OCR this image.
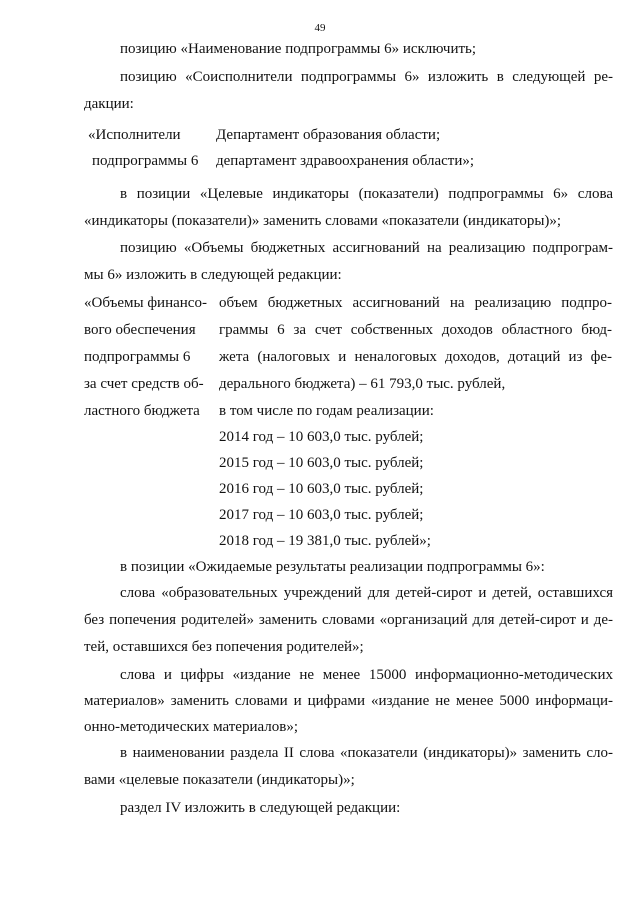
49
позицию «Наименование подпрограммы 6» исключить;
позицию «Соисполнители подпрограммы 6» изложить в следующей ре-
дакции:
«Исполнители
подпрограммы 6
Департамент образования области;
департамент здравоохранения области»;
в позиции «Целевые индикаторы (показатели) подпрограммы 6» слова
«индикаторы (показатели)» заменить словами «показатели (индикаторы)»;
позицию «Объемы бюджетных ассигнований на реализацию подпрограм-
мы 6» изложить в следующей редакции:
«Объемы финансо-
вого обеспечения
подпрограммы 6
за счет средств об-
ластного бюджета
объем бюджетных ассигнований на реализацию подпро-
граммы 6 за счет собственных доходов областного бюд-
жета (налоговых и неналоговых доходов, дотаций из фе-
дерального бюджета) – 61 793,0 тыс. рублей,
в том числе по годам реализации:
2014 год – 10 603,0 тыс. рублей;
2015 год – 10 603,0 тыс. рублей;
2016 год – 10 603,0 тыс. рублей;
2017 год – 10 603,0 тыс. рублей;
2018 год – 19 381,0 тыс. рублей»;
в позиции «Ожидаемые результаты реализации подпрограммы 6»:
слова «образовательных учреждений для детей-сирот и детей, оставшихся
без попечения родителей» заменить словами «организаций для детей-сирот и де-
тей, оставшихся без попечения родителей»;
слова и цифры «издание не менее 15000 информационно-методических
материалов» заменить словами и цифрами «издание не менее 5000 информаци-
онно-методических материалов»;
в наименовании раздела II слова «показатели (индикаторы)» заменить сло-
вами «целевые показатели (индикаторы)»;
раздел IV изложить в следующей редакции:
